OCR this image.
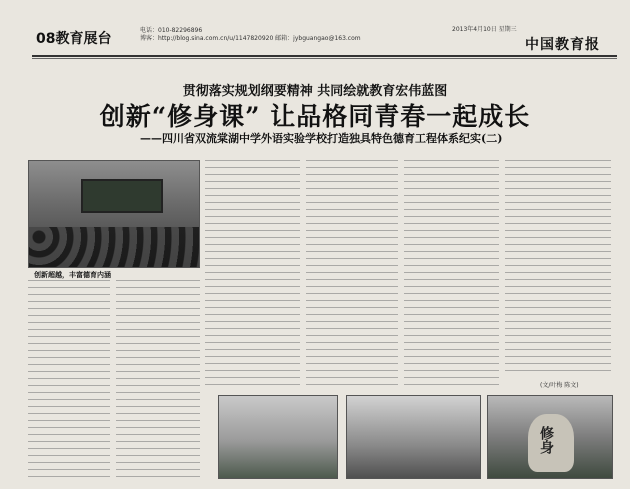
08教育展台
电话：010-82296896
博客：http://blog.sina.com.cn/u/1147820920 邮箱：jybguangao@163.com
2013年4月10日 星期三
中国教育报
贯彻落实规划纲要精神 共同绘就教育宏伟蓝图
创新“修身课” 让品格同青春一起成长
——四川省双流棠湖中学外语实验学校打造独具特色德育工程体系纪实(二)
创新超越，丰富德育内涵
(文/叶梅 陈文)
修身
